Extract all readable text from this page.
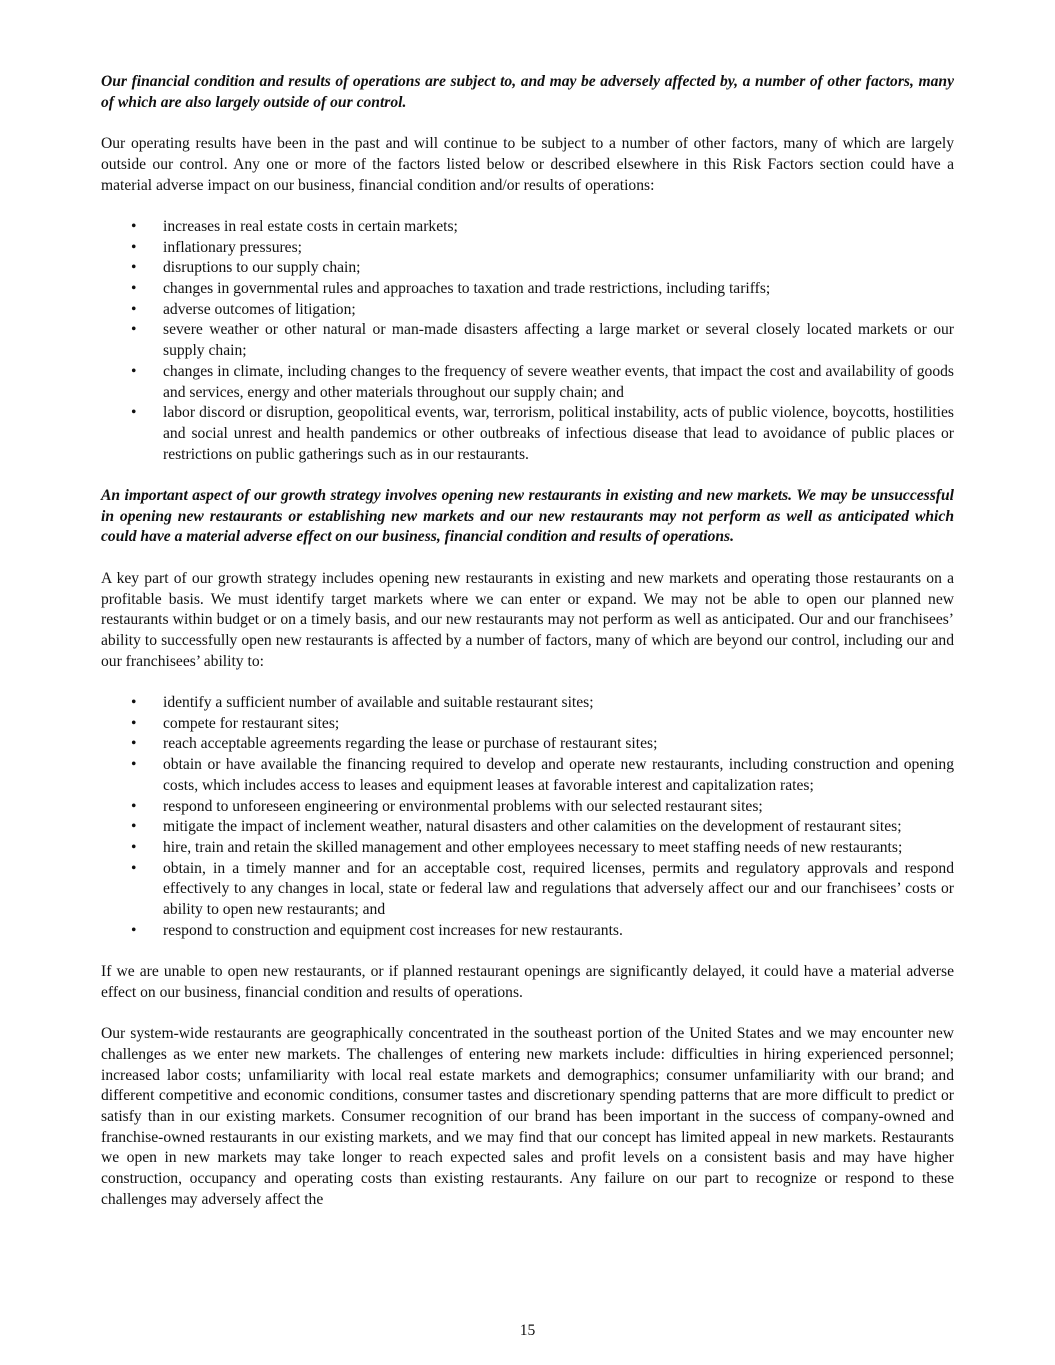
Our financial condition and results of operations are subject to, and may be adversely affected by, a number of other factors, many of which are also largely outside of our control.

Our operating results have been in the past and will continue to be subject to a number of other factors, many of which are largely outside our control. Any one or more of the factors listed below or described elsewhere in this Risk Factors section could have a material adverse impact on our business, financial condition and/or results of operations:

• increases in real estate costs in certain markets;
• inflationary pressures;
• disruptions to our supply chain;
• changes in governmental rules and approaches to taxation and trade restrictions, including tariffs;
• adverse outcomes of litigation;
• severe weather or other natural or man-made disasters affecting a large market or several closely located markets or our supply chain;
• changes in climate, including changes to the frequency of severe weather events, that impact the cost and availability of goods and services, energy and other materials throughout our supply chain; and
• labor discord or disruption, geopolitical events, war, terrorism, political instability, acts of public violence, boycotts, hostilities and social unrest and health pandemics or other outbreaks of infectious disease that lead to avoidance of public places or restrictions on public gatherings such as in our restaurants.

An important aspect of our growth strategy involves opening new restaurants in existing and new markets. We may be unsuccessful in opening new restaurants or establishing new markets and our new restaurants may not perform as well as anticipated which could have a material adverse effect on our business, financial condition and results of operations.

A key part of our growth strategy includes opening new restaurants in existing and new markets and operating those restaurants on a profitable basis. We must identify target markets where we can enter or expand. We may not be able to open our planned new restaurants within budget or on a timely basis, and our new restaurants may not perform as well as anticipated. Our and our franchisees’ ability to successfully open new restaurants is affected by a number of factors, many of which are beyond our control, including our and our franchisees’ ability to:

• identify a sufficient number of available and suitable restaurant sites;
• compete for restaurant sites;
• reach acceptable agreements regarding the lease or purchase of restaurant sites;
• obtain or have available the financing required to develop and operate new restaurants, including construction and opening costs, which includes access to leases and equipment leases at favorable interest and capitalization rates;
• respond to unforeseen engineering or environmental problems with our selected restaurant sites;
• mitigate the impact of inclement weather, natural disasters and other calamities on the development of restaurant sites;
• hire, train and retain the skilled management and other employees necessary to meet staffing needs of new restaurants;
• obtain, in a timely manner and for an acceptable cost, required licenses, permits and regulatory approvals and respond effectively to any changes in local, state or federal law and regulations that adversely affect our and our franchisees’ costs or ability to open new restaurants; and
• respond to construction and equipment cost increases for new restaurants.

If we are unable to open new restaurants, or if planned restaurant openings are significantly delayed, it could have a material adverse effect on our business, financial condition and results of operations.

Our system-wide restaurants are geographically concentrated in the southeast portion of the United States and we may encounter new challenges as we enter new markets. The challenges of entering new markets include: difficulties in hiring experienced personnel; increased labor costs; unfamiliarity with local real estate markets and demographics; consumer unfamiliarity with our brand; and different competitive and economic conditions, consumer tastes and discretionary spending patterns that are more difficult to predict or satisfy than in our existing markets. Consumer recognition of our brand has been important in the success of company-owned and franchise-owned restaurants in our existing markets, and we may find that our concept has limited appeal in new markets. Restaurants we open in new markets may take longer to reach expected sales and profit levels on a consistent basis and may have higher construction, occupancy and operating costs than existing restaurants. Any failure on our part to recognize or respond to these challenges may adversely affect the

15
